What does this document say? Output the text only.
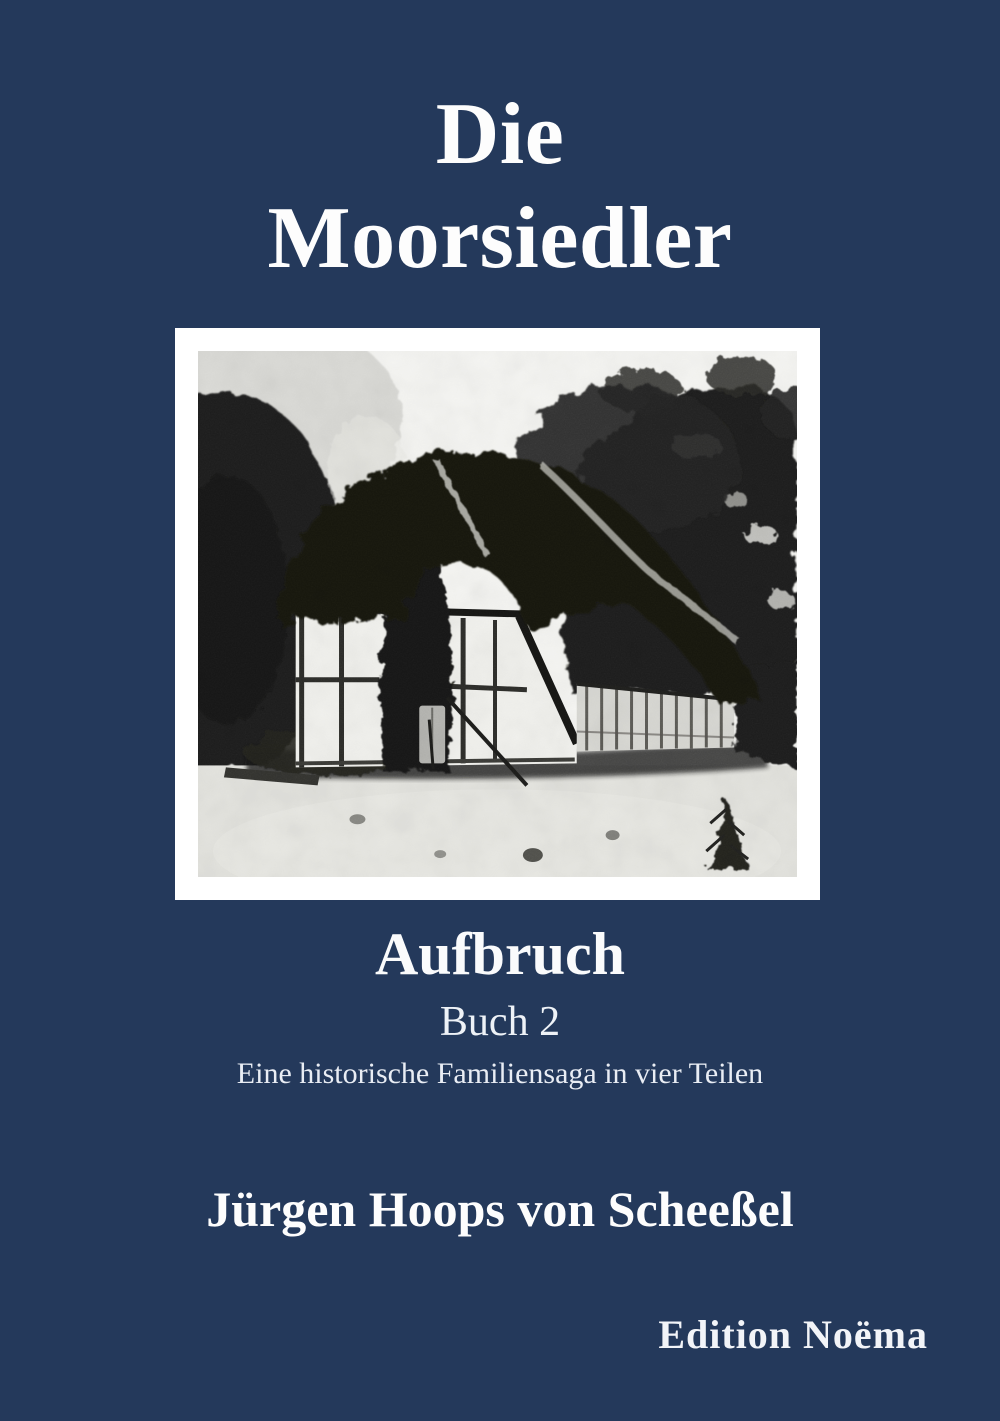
Die
Moorsiedler
Aufbruch
Buch 2
Eine historische Familiensaga in vier Teilen
Jürgen Hoops von Scheeßel
Edition Noëma
